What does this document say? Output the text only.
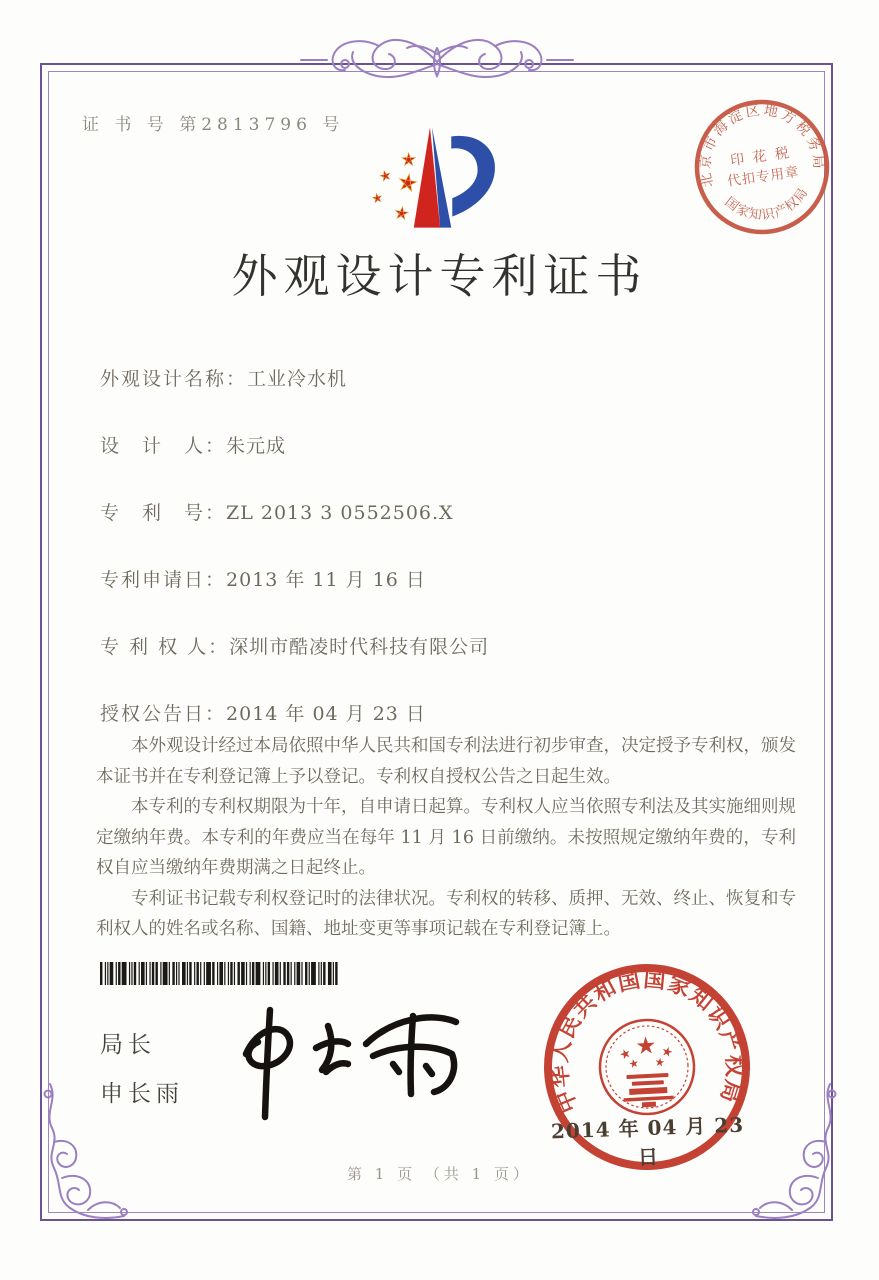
证 书 号 第2813796 号
外观设计专利证书
外观设计名称：工业冷水机
设　计　人：朱元成
专　利　号：ZL 2013 3 0552506.X
专利申请日：2013 年 11 月 16 日
专 利 权 人：深圳市酷凌时代科技有限公司
授权公告日：2014 年 04 月 23 日

本外观设计经过本局依照中华人民共和国专利法进行初步审查，决定授予专利权，颁发本证书并在专利登记簿上予以登记。专利权自授权公告之日起生效。

本专利的专利权期限为十年，自申请日起算。专利权人应当依照专利法及其实施细则规定缴纳年费。本专利的年费应当在每年 11 月 16 日前缴纳。未按照规定缴纳年费的，专利权自应当缴纳年费期满之日起终止。

专利证书记载专利权登记时的法律状况。专利权的转移、质押、无效、终止、恢复和专利权人的姓名或名称、国籍、地址变更等事项记载在专利登记簿上。

局长
申长雨
第 1 页 （共 1 页）
北京市海淀区地方税务局
国家知识产权局
印 花 税
代扣专用章
中华人民共和国国家知识产权局
2014 年 04 月 23 日
